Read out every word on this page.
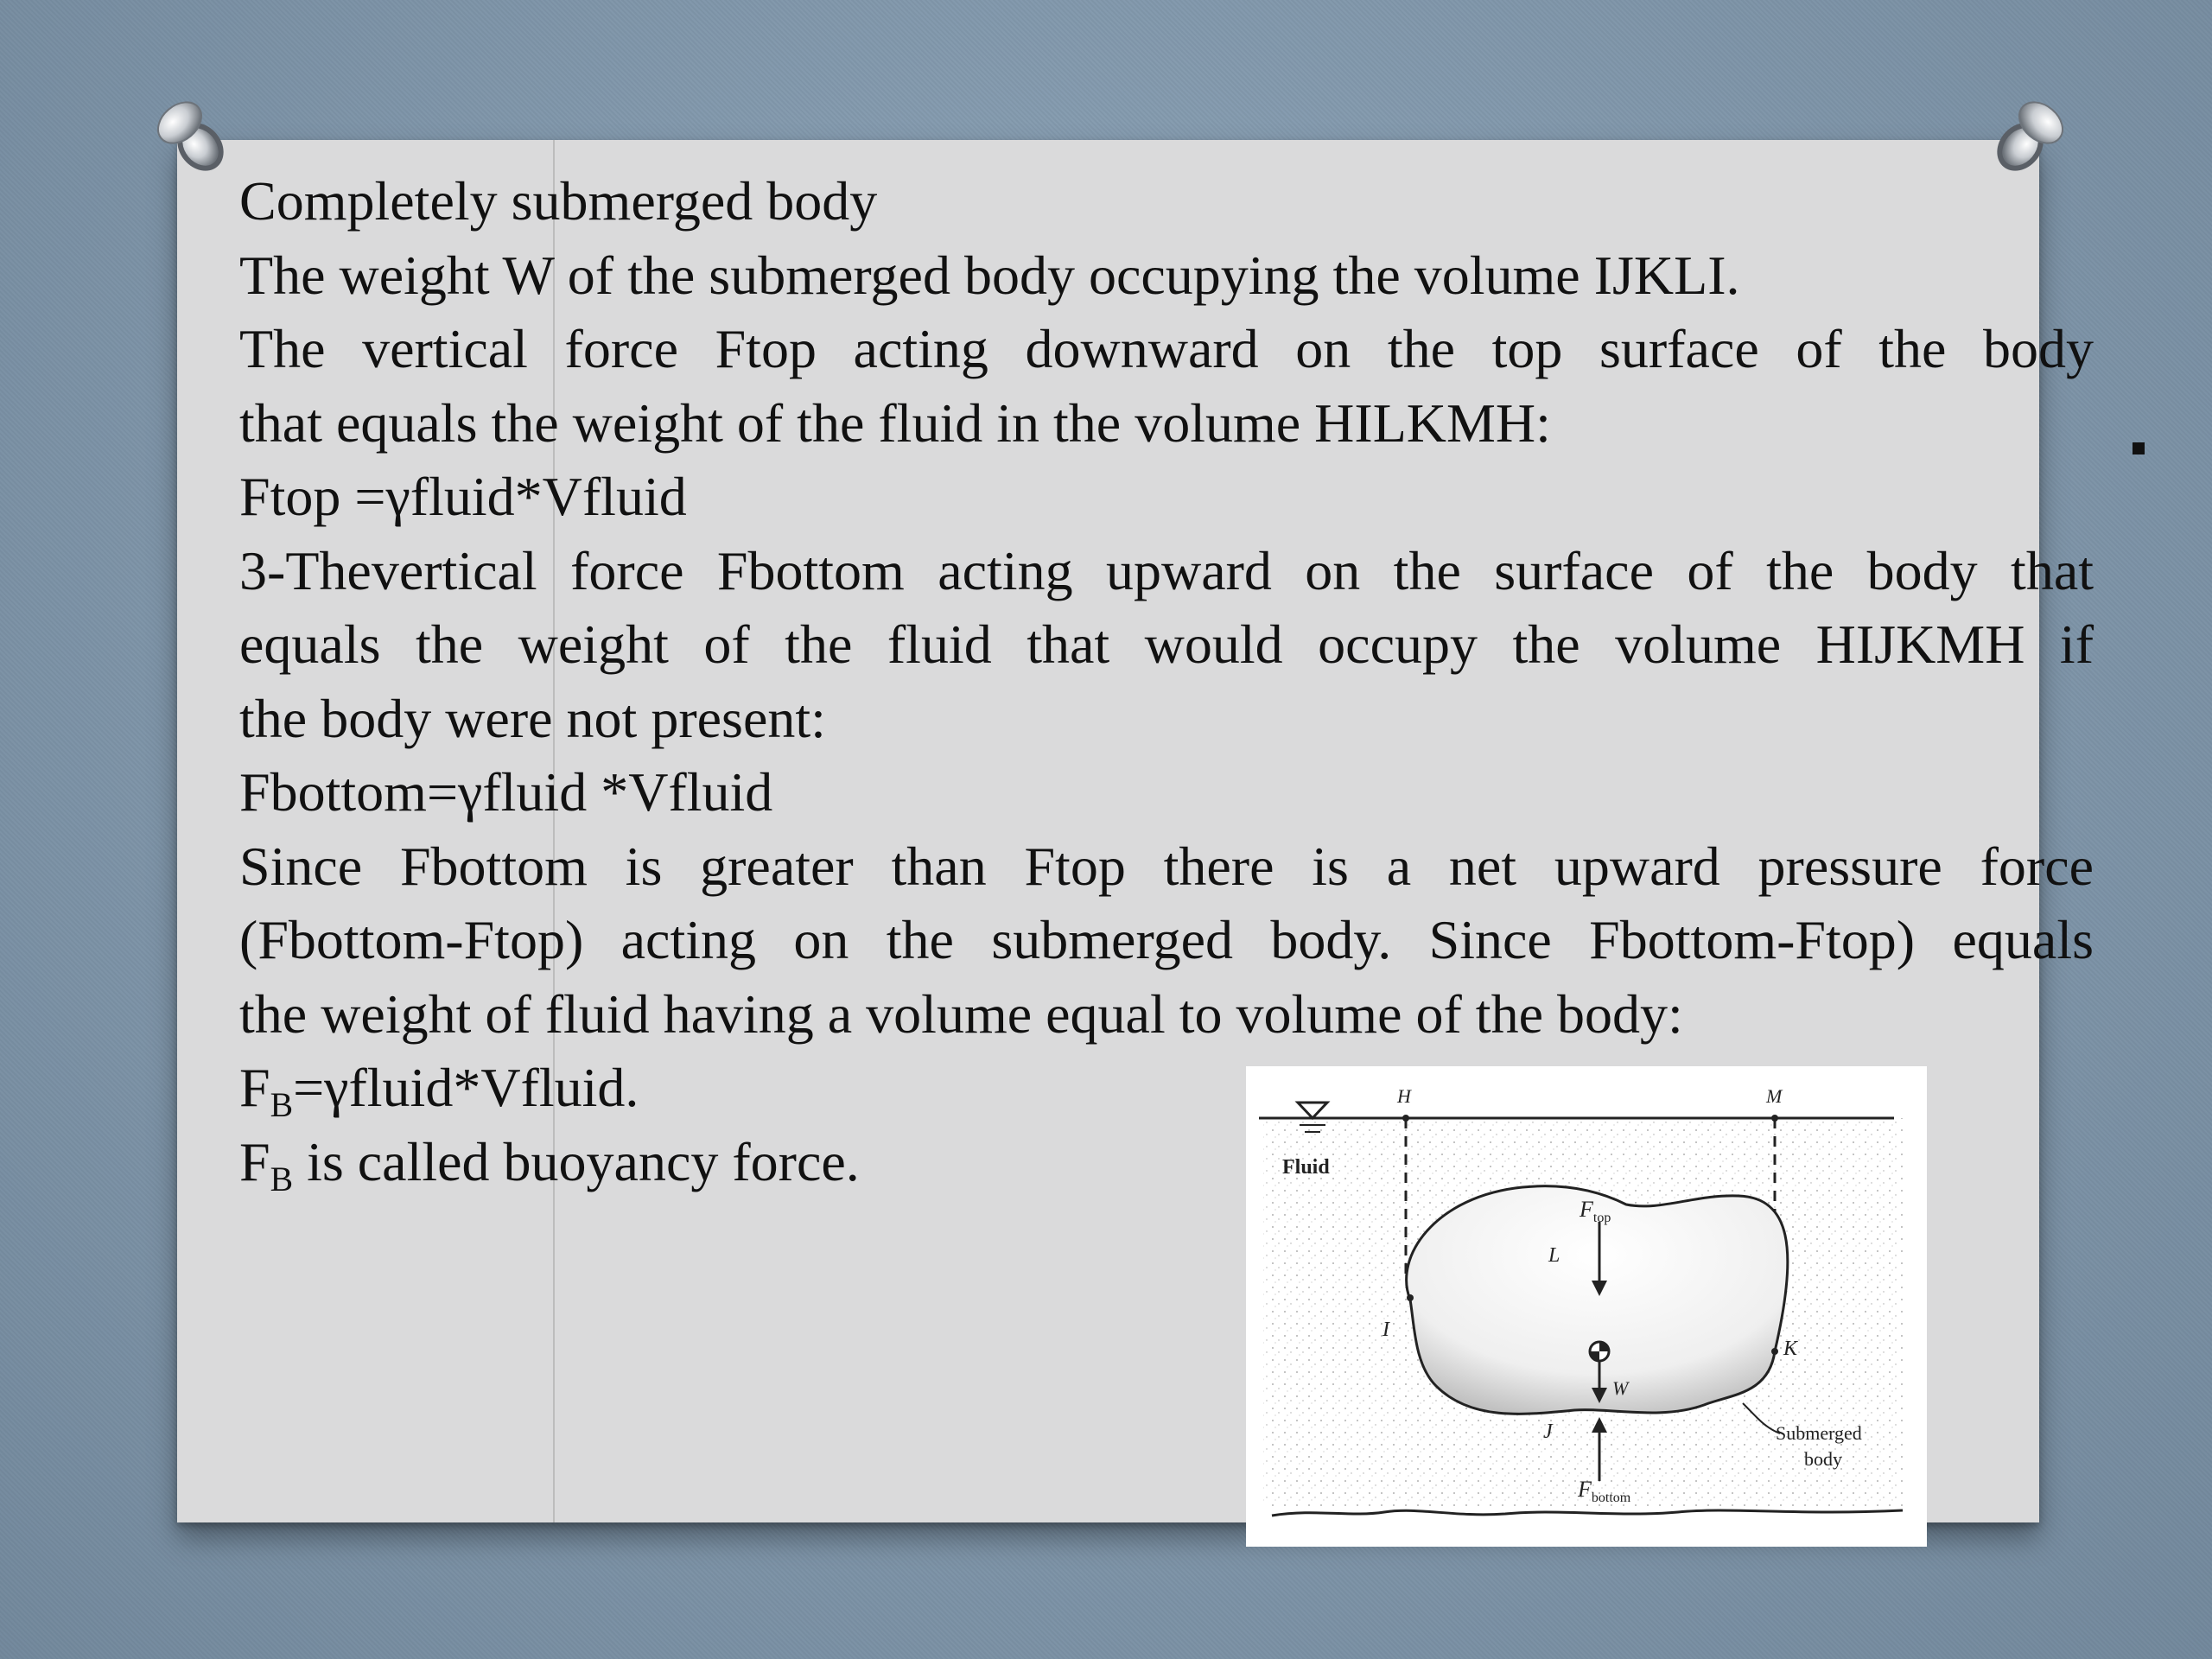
Completely submerged body
The weight W of the submerged body occupying the volume IJKLI.
The vertical force Ftop acting downward on the top surface of the body
that equals the weight of the fluid in the volume HILKMH:
Ftop =γfluid*Vfluid
3-Thevertical force Fbottom acting upward on the surface of the body that
equals the weight of the fluid that would occupy the volume HIJKMH if
the body were not present:
Fbottom=γfluid *Vfluid
Since Fbottom is greater than Ftop there is a net upward pressure force
(Fbottom-Ftop) acting on the submerged body. Since Fbottom-Ftop) equals
the weight of fluid having a volume equal to volume of the body:
$F_B=\gamma fluid*Vfluid$.
$F_B$ is called buoyancy force.
H	M
Fluid
$F_{top}$
L
I
K
W
J
$F_{bottom}$
Submerged
body
